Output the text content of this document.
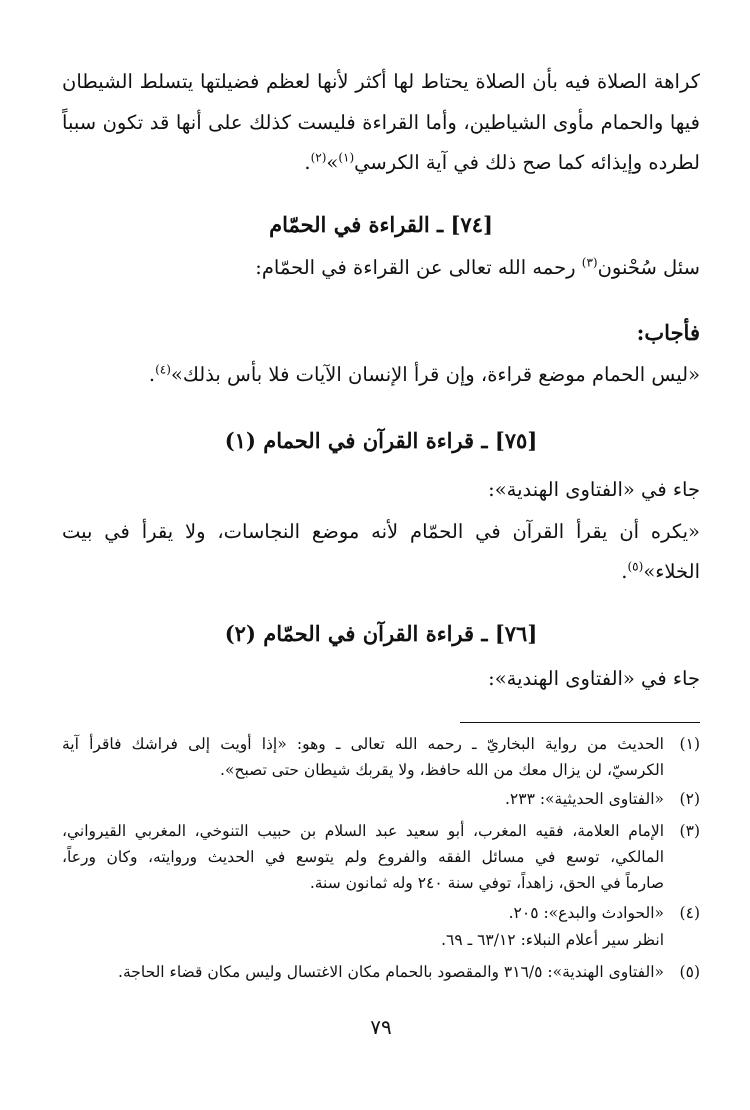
كراهة الصلاة فيه بأن الصلاة يحتاط لها أكثر لأنها لعظم فضيلتها يتسلط الشيطان
فيها والحمام مأوى الشياطين، وأما القراءة فليست كذلك على أنها قد تكون سبباً
لطرده وإيذائه كما صح ذلك في آية الكرسي$^{(١)}$»$^{(٢)}$.
[٧٤] ـ القراءة في الحمّام
سئل سُحْنون$^{(٣)}$ رحمه الله تعالى عن القراءة في الحمّام:
فأجاب:
«ليس الحمام موضع قراءة، وإن قرأ الإنسان الآيات فلا بأس بذلك»$^{(٤)}$.
[٧٥] ـ قراءة القرآن في الحمام (١)
جاء في «الفتاوى الهندية»:
«يكره أن يقرأ القرآن في الحمّام لأنه موضع النجاسات، ولا يقرأ في بيت
الخلاء»$^{(٥)}$.
[٧٦] ـ قراءة القرآن في الحمّام (٢)
جاء في «الفتاوى الهندية»:
(١)
الحديث من رواية البخاريّ ـ رحمه الله تعالى ـ وهو: «إذا أويت إلى فراشك فاقرأ آية
الكرسيّ، لن يزال معك من الله حافظ، ولا يقربك شيطان حتى تصبح».
(٢)
«الفتاوى الحديثية»: ٢٣٣.
(٣)
الإمام العلامة، فقيه المغرب، أبو سعيد عبد السلام بن حبيب التنوخي، المغربي القيرواني،
المالكي، توسع في مسائل الفقه والفروع ولم يتوسع في الحديث وروايته، وكان ورعاً،
صارماً في الحق، زاهداً، توفي سنة ٢٤٠ وله ثمانون سنة.
(٤)
«الحوادث والبدع»: ٢٠٥.
انظر سير أعلام النبلاء: ٦٣/١٢ ـ ٦٩.
(٥)
«الفتاوى الهندية»: ٣١٦/٥ والمقصود بالحمام مكان الاغتسال وليس مكان قضاء الحاجة.
٧٩
